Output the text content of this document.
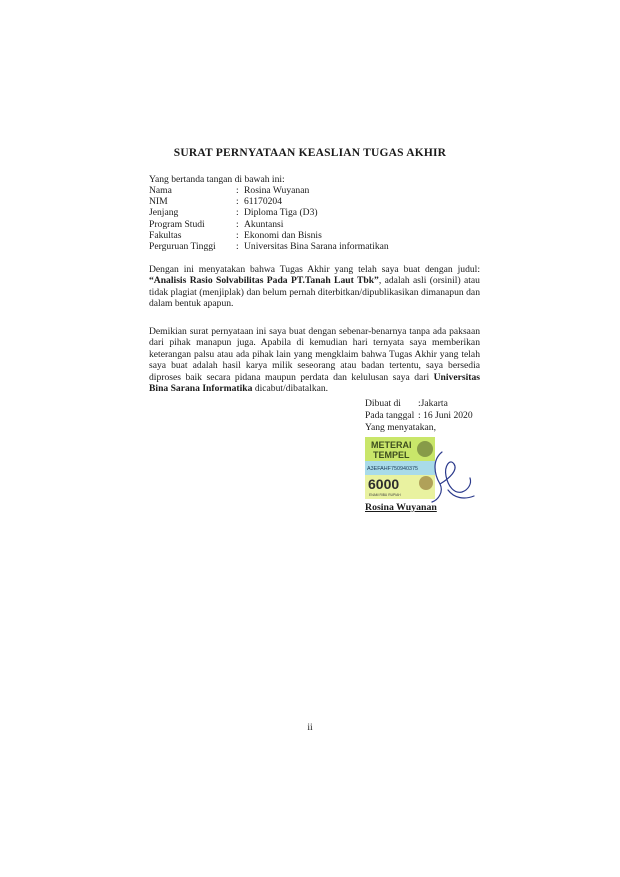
SURAT PERNYATAAN KEASLIAN TUGAS AKHIR
Yang bertanda tangan di bawah ini:
Nama	: Rosina Wuyanan
NIM	: 61170204
Jenjang	: Diploma Tiga (D3)
Program Studi	: Akuntansi
Fakultas	: Ekonomi dan Bisnis
Perguruan Tinggi	: Universitas Bina Sarana informatikan
Dengan ini menyatakan bahwa Tugas Akhir yang telah saya buat dengan judul: “Analisis Rasio Solvabilitas Pada PT.Tanah Laut Tbk”, adalah asli (orsinil) atau tidak plagiat (menjiplak) dan belum pernah diterbitkan/dipublikasikan dimanapun dan dalam bentuk apapun.
Demikian surat pernyataan ini saya buat dengan sebenar-benarnya tanpa ada paksaan dari pihak manapun juga. Apabila di kemudian hari ternyata saya memberikan keterangan palsu atau ada pihak lain yang mengklaim bahwa Tugas Akhir yang telah saya buat adalah hasil karya milik seseorang atau badan tertentu, saya bersedia diproses baik secara pidana maupun perdata dan kelulusan saya dari Universitas Bina Sarana Informatika dicabut/dibatalkan.
Dibuat di :Jakarta
Pada tanggal : 16 Juni 2020
Yang menyatakan,
METERAI
TEMPEL
A3EFAHF750940375
6000
ENAM RIBU RUPIAH
Rosina Wuyanan
ii
